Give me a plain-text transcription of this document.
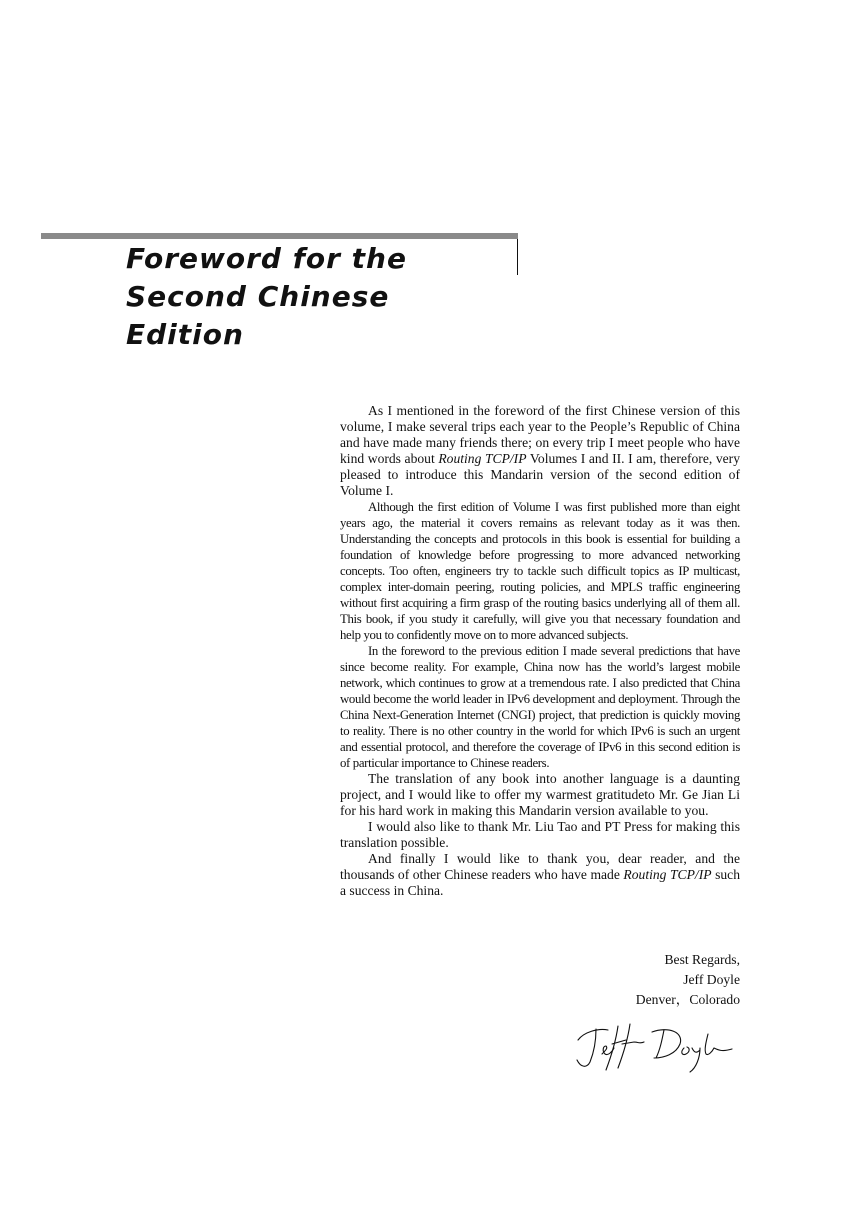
Foreword for the
Second Chinese
Edition

As I mentioned in the foreword of the first Chinese version of this volume, I make several trips each year to the People’s Republic of China and have made many friends there; on every trip I meet people who have kind words about Routing TCP/IP Volumes I and II. I am, therefore, very pleased to introduce this Mandarin version of the second edition of Volume I.

Although the first edition of Volume I was first published more than eight years ago, the material it covers remains as relevant today as it was then. Understanding the concepts and protocols in this book is essential for building a foundation of knowledge before progressing to more advanced networking concepts. Too often, engineers try to tackle such difficult topics as IP multicast, complex inter-domain peering, routing policies, and MPLS traffic engineering without first acquiring a firm grasp of the routing basics underlying all of them all. This book, if you study it carefully, will give you that necessary foundation and help you to confidently move on to more advanced subjects.

In the foreword to the previous edition I made several predictions that have since become reality. For example, China now has the world’s largest mobile network, which continues to grow at a tremendous rate. I also predicted that China would become the world leader in IPv6 development and deployment. Through the China Next-Generation Internet (CNGI) project, that prediction is quickly moving to reality. There is no other country in the world for which IPv6 is such an urgent and essential protocol, and therefore the coverage of IPv6 in this second edition is of particular importance to Chinese readers.

The translation of any book into another language is a daunting project, and I would like to offer my warmest gratitudeto Mr. Ge Jian Li for his hard work in making this Mandarin version available to you.

I would also like to thank Mr. Liu Tao and PT Press for making this translation possible.

And finally I would like to thank you, dear reader, and the thousands of other Chinese readers who have made Routing TCP/IP such a success in China.

Best Regards,
Jeff Doyle
Denver，Colorado
